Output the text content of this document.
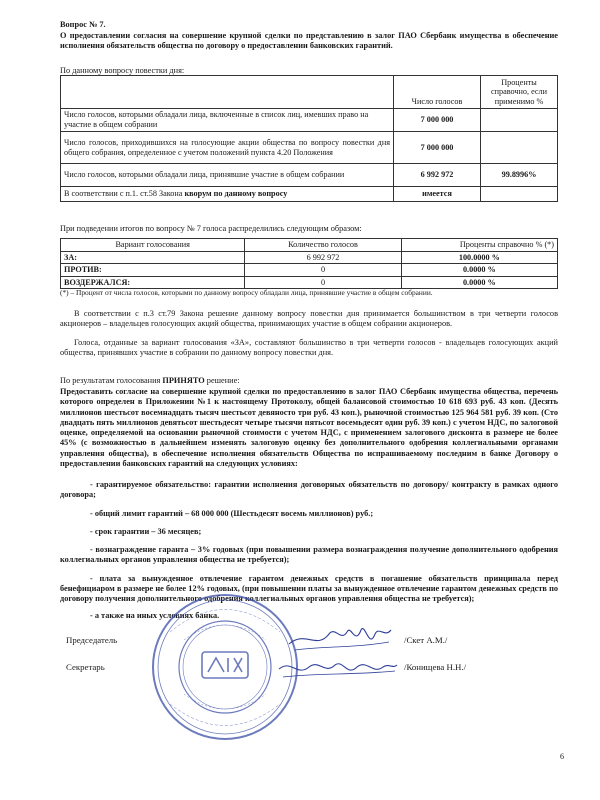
Вопрос № 7.
О предоставлении согласия на совершение крупной сделки по представлению в залог ПАО Сбербанк имущества в обеспечение исполнения обязательств общества по договору о предоставлении банковских гарантий.
По данному вопросу повестки дня:
	Число голосов	Проценты справочно, если применимо %
Число голосов, которыми обладали лица, включенные в список лиц, имевших право на участие в общем собрании	7 000 000	
Число голосов, приходившихся на голосующие акции общества по вопросу повестки дня общего собрания, определенное с учетом положений пункта 4.20 Положения	7 000 000	
Число голосов, которыми обладали лица, принявшие участие в общем собрании	6 992 972	99.8996%
В соответствии с п.1. ст.58 Закона кворум по данному вопросу	имеется	
При подведении итогов по вопросу № 7 голоса распределились следующим образом:
Вариант голосования	Количество голосов	Проценты справочно % (*)
ЗА:	6 992 972	100.0000 %
ПРОТИВ:	0	0.0000 %
ВОЗДЕРЖАЛСЯ:	0	0.0000 %
(*) – Процент от числа голосов, которыми по данному вопросу обладали лица, принявшие участие в общем собрании.
В соответствии с п.3 ст.79 Закона решение данному вопросу повестки дня принимается большинством в три четверти голосов акционеров – владельцев голосующих акций общества, принимающих участие в общем собрании акционеров.
Голоса, отданные за вариант голосования «ЗА», составляют большинство в три четверти голосов - владельцев голосующих акций общества, принявших участие в собрании по данному вопросу повестки дня.
По результатам голосования ПРИНЯТО решение:
Предоставить согласие на совершение крупной сделки по предоставлению в залог ПАО Сбербанк имущества общества, перечень которого определен в Приложении №1 к настоящему Протоколу, общей балансовой стоимостью 10 618 693 руб. 43 коп. (Десять миллионов шестьсот восемнадцать тысяч шестьсот девяносто три руб. 43 коп.), рыночной стоимостью 125 964 581 руб. 39 коп. (Сто двадцать пять миллионов девятьсот шестьдесят четыре тысячи пятьсот восемьдесят один руб. 39 коп.) с учетом НДС, по залоговой оценке, определяемой на основании рыночной стоимости с учетом НДС, с применением залогового дисконта в размере не более 45% (с возможностью в дальнейшем изменять залоговую оценку без дополнительного одобрения коллегиальными органами управления общества), в обеспечение исполнения обязательств Общества по испрашиваемому последним в банке Договору о предоставлении банковских гарантий на следующих условиях:
- гарантируемое обязательство: гарантии исполнения договорных обязательств по договору/ контракту в рамках одного договора;
- общий лимит гарантий – 68 000 000 (Шестьдесят восемь миллионов) руб.;
- срок гарантии – 36 месяцев;
- вознаграждение гаранта – 3% годовых (при повышении размера вознаграждения получение дополнительного одобрения коллегиальных органов управления общества не требуется);
- плата за вынужденное отвлечение гарантом денежных средств в погашение обязательств принципала перед бенефициаром в размере не более 12% годовых, (при повышении платы за вынужденное отвлечение гарантом денежных средств по договору получения дополнительного одобрения коллегиальных органов управления общества не требуется);
- а также на иных условиях банка.
Председатель	/Скет А.М./
Секретарь	/Конищева Н.Н./
6
